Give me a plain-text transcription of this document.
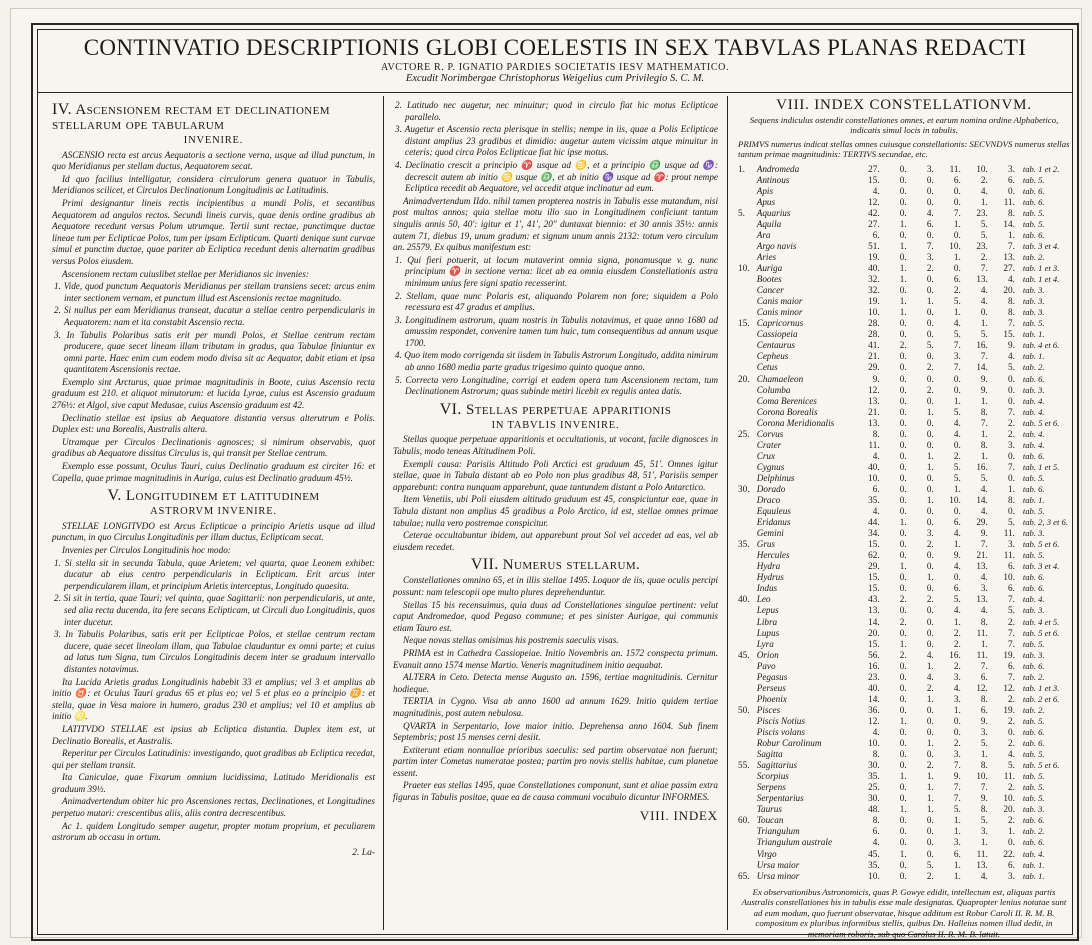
CONTINVATIO DESCRIPTIONIS GLOBI COELESTIS IN SEX TABVLAS PLANAS REDACTI
AVCTORE R. P. IGNATIO PARDIES SOCIETATIS IESV MATHEMATICO.
Excudit Norimbergae Christophorus Weigelius cum Privilegio S. C. M.
IV. Ascensionem rectam et declinationem stellarum ope tabularum
INVENIRE.

ASCENSIO recta est arcus Aequatoris a sectione verna, usque ad illud punctum, in quo Meridianus per stellam ductus, Aequatorem secat.

Id quo facilius intelligatur, considera circulorum genera quatuor in Tabulis, Meridianos scilicet, et Circulos Declinationum Longitudinis ac Latitudinis.

Primi designantur lineis rectis incipientibus a mundi Polis, et secantibus Aequatorem ad angulos rectos. Secundi lineis curvis, quae denis ordine gradibus ab Aequatore recedunt versus Polum utrumque. Tertii sunt rectae, punctimque ductae lineae tum per Eclipticae Polos, tum per ipsam Eclipticam. Quarti denique sunt curvae simul et punctim ductae, quae pariter ab Ecliptica recedunt denis alternatim gradibus versus Polos eiusdem.

Ascensionem rectam cuiuslibet stellae per Meridianos sic invenies:

1. Vide, quod punctum Aequatoris Meridianus per stellam transiens secet: arcus enim inter sectionem vernam, et punctum illud est Ascensionis rectae magnitudo.

2. Si nullus per eam Meridianus transeat, ducatur a stellae centro perpendicularis in Aequatorem: nam et ita constabit Ascensio recta.

3. In Tabulis Polaribus satis erit per mundi Polos, et Stellae centrum rectam producere, quae secet lineam illam tributam in gradus, qua Tabulae finiuntur ex omni parte. Haec enim cum eodem modo divisa sit ac Aequator, dabit etiam et ipsa quantitatem Ascensionis rectae.

Exemplo sint Arcturus, quae primae magnitudinis in Boote, cuius Ascensio recta graduum est 210. et aliquot minutorum: et lucida Lyrae, cuius est Ascensio graduum 276½: et Algol, sive caput Medusae, cuius Ascensio graduum est 42.

Declinatio stellae est ipsius ab Aequatore distantia versus alterutrum e Polis. Duplex est: una Borealis, Australis altera.

Utramque per Circulos Declinationis agnosces; si nimirum observabis, quot gradibus ab Aequatore dissitus Circulus is, qui transit per Stellae centrum.

Exemplo esse possunt, Oculus Tauri, cuius Declinatio graduum est circiter 16: et Capella, quae primae magnitudinis in Auriga, cuius est Declinatio graduum 45½.

V. Longitudinem et latitudinem
ASTRORVM INVENIRE.

STELLAE LONGITVDO est Arcus Eclipticae a principio Arietis usque ad illud punctum, in quo Circulus Longitudinis per illam ductus, Eclipticam secat.

Invenies per Circulos Longitudinis hoc modo:

1. Si stella sit in secunda Tabula, quae Arietem; vel quarta, quae Leonem exhibet: ducatur ab eius centro perpendicularis in Eclipticam. Erit arcus inter perpendicularem illam, et principium Arietis interceptus, Longitudo quaesita.

2. Si sit in tertia, quae Tauri; vel quinta, quae Sagittarii: non perpendicularis, ut ante, sed alia recta ducenda, ita fere secans Eclipticam, ut Circuli duo Longitudinis, quos inter ducetur.

3. In Tabulis Polaribus, satis erit per Eclipticae Polos, et stellae centrum rectam ducere, quae secet lineolam illam, qua Tabulae clauduntur ex omni parte; et cuius ad latus tum Signa, tum Circulos Longitudinis decem inter se graduum intervallo distantes notavimus.

Ita Lucida Arietis gradus Longitudinis habebit 33 et amplius; vel 3 et amplius ab initio ♉: et Oculus Tauri gradus 65 et plus eo; vel 5 et plus eo a principio ♊: et stella, quae in Vesa maiore in humero, gradus 230 et amplius; vel 10 et amplius ab initio ♌.

LATITVDO STELLAE est ipsius ab Ecliptica distantia. Duplex item est, ut Declinatio Borealis, et Australis.

Reperitur per Circulos Latitudinis: investigando, quot gradibus ab Ecliptica recedat, qui per stellam transit.

Ita Caniculae, quae Fixarum omnium lucidissima, Latitudo Meridionalis est graduum 39½.

Animadvertendum obiter hic pro Ascensiones rectas, Declinationes, et Longitudines perpetuo mutari: crescentibus aliis, aliis contra decrescentibus.

Ac 1. quidem Longitudo semper augetur, propter motum proprium, et peculiarem astrorum ab occasu in ortum.

2. La-

2. Latitudo nec augetur, nec minuitur; quod in circulo fiat hic motus Eclipticae parallelo.

3. Augetur et Ascensio recta plerisque in stellis; nempe in iis, quae a Polis Eclipticae distant amplius 23 gradibus et dimidio: augetur autem vicissim atque minuitur in ceteris; quod circa Polos Eclipticae fiat hic ipse motus.

4. Declinatio crescit a principio ♈ usque ad ♋, et a principio ♎ usque ad ♑: decrescit autem ab initio ♋ usque ♎, et ab initio ♑ usque ad ♈: prout nempe Ecliptica recedit ab Aequatore, vel accedit atque inclinatur ad eum.

Animadvertendum IIdo. nihil tamen propterea nostris in Tabulis esse mutandum, nisi post multos annos; quia stellae motu illo suo in Longitudinem conficiunt tantum singulis annis 50, 40': igitur et 1', 41', 20" duntaxat biennio: et 30 annis 35½: annis autem 71, diebus 19, unum gradum: et signum unum annis 2132: totum vero circulum an. 25579. Ex quibus manifestum est:

1. Qui fieri potuerit, ut locum mutaverint omnia signa, ponamusque v. g. nunc principium ♈ in sectione verna: licet ab ea omnia eiusdem Constellationis astra minimum unius fere signi spatio recesserint.

2. Stellam, quae nunc Polaris est, aliquando Polarem non fore; siquidem a Polo recessura est 47 gradus et amplius.

3. Longitudinem astrorum, quam nostris in Tabulis notavimus, et quae anno 1680 ad amussim respondet, convenire tamen tum huic, tum consequentibus ad annum usque 1700.

4. Quo item modo corrigenda sit iisdem in Tabulis Astrorum Longitudo, addita nimirum ab anno 1680 media parte gradus trigesimo quinto quoque anno.

5. Correcta vero Longitudine, corrigi et eadem opera tum Ascensionem rectam, tum Declinationem Astrorum; quas subinde metiri licebit ex regulis antea datis.

VI. Stellas perpetuae apparitionis
IN TABVLIS INVENIRE.

Stellas quoque perpetuae apparitionis et occultationis, ut vocant, facile dignosces in Tabulis, modo teneas Altitudinem Poli.

Exempli causa: Parisiis Altitudo Poli Arctici est graduum 45, 51'. Omnes igitur stellae, quae in Tabula distant ab eo Polo non plus gradibus 48, 51', Parisiis semper apparebunt: contra nunquam apparebunt, quae tantundem distant a Polo Antarctico.

Item Venetiis, ubi Poli eiusdem altitudo graduum est 45, conspiciuntur eae, quae in Tabula distant non amplius 45 gradibus a Polo Arctico, id est, stellae omnes primae tabulae; nulla vero postremae conspicitur.

Ceterae occultabuntur ibidem, aut apparebunt prout Sol vel accedet ad eas, vel ab eiusdem recedet.

VII. Numerus stellarum.

Constellationes omnino 65, et in illis stellae 1495. Loquor de iis, quae oculis percipi possunt: nam telescopii ope multo plures deprehenduntur.

Stellas 15 bis recensuimus, quia duas ad Constellationes singulae pertinent: velut caput Andromedae, quod Pegaso commune; et pes sinister Aurigae, qui communis etiam Tauro est.

Neque novas stellas omisimus his postremis saeculis visas.

PRIMA est in Cathedra Cassiopeiae. Initio Novembris an. 1572 conspecta primum. Evanuit anno 1574 mense Martio. Veneris magnitudinem initio aequabat.

ALTERA in Ceto. Detecta mense Augusto an. 1596, tertiae magnitudinis. Cernitur hodieque.

TERTIA in Cygno. Visa ab anno 1600 ad annum 1629. Initio quidem tertiae magnitudinis, post autem nebulosa.

QVARTA in Serpentario, Iove maior initio. Deprehensa anno 1604. Sub finem Septembris; post 15 menses cerni desiit.

Extiterunt etiam nonnullae prioribus saeculis: sed partim observatae non fuerunt; partim inter Cometas numeratae postea; partim pro novis stellis habitae, cum planetae essent.

Praeter eas stellas 1495, quae Constellationes componunt, sunt et aliae passim extra figuras in Tabulis positae, quae ea de causa communi vocabulo dicuntur INFORMES.

VIII. INDEX
VIII. INDEX CONSTELLATIONVM.
Sequens indiculus ostendit constellationes omnes, et earum nomina ordine Alphabetico, indicatis simul locis in tabulis.
PRIMVS numerus indicat stellas omnes cuiusque constellationis: SECVNDVS numerus stellas tantum primae magnitudinis: TERTIVS secundae, etc.
1.	Andromeda	27.	0.	3.	11.	10.	3.	tab. 1 et 2.
	Antinous	15.	0.	0.	6.	2.	6.	tab. 5.
	Apis	4.	0.	0.	0.	4.	0.	tab. 6.
	Apus	12.	0.	0.	0.	1.	11.	tab. 6.
5.	Aquarius	42.	0.	4.	7.	23.	8.	tab. 5.
	Aquila	27.	1.	6.	1.	5.	14.	tab. 5.
	Ara	6.	0.	0.	0.	5.	1.	tab. 6.
	Argo navis	51.	1.	7.	10.	23.	7.	tab. 3 et 4.
	Aries	19.	0.	3.	1.	2.	13.	tab. 2.
10.	Auriga	40.	1.	2.	0.	7.	27.	tab. 1 et 3.
	Bootes	32.	1.	0.	6.	13.	4.	tab. 1 et 4.
	Cancer	32.	0.	0.	2.	4.	20.	tab. 3.
	Canis maior	19.	1.	1.	5.	4.	8.	tab. 3.
	Canis minor	10.	1.	0.	1.	0.	8.	tab. 3.
15.	Capricornus	28.	0.	0.	4.	1.	7.	tab. 5.
	Cassiopeia	28.	0.	0.	5.	5.	15.	tab. 1.
	Centaurus	41.	2.	5.	7.	16.	9.	tab. 4 et 6.
	Cepheus	21.	0.	0.	3.	7.	4.	tab. 1.
	Cetus	29.	0.	2.	7.	14.	5.	tab. 2.
20.	Chamaeleon	9.	0.	0.	0.	9.	0.	tab. 6.
	Columba	12.	0.	2.	0.	9.	0.	tab. 3.
	Coma Berenices	13.	0.	0.	1.	1.	0.	tab. 4.
	Corona Borealis	21.	0.	1.	5.	8.	7.	tab. 4.
	Corona Meridionalis	13.	0.	0.	4.	7.	2.	tab. 5 et 6.
25.	Corvus	8.	0.	0.	4.	1.	2.	tab. 4.
	Crater	11.	0.	0.	0.	8.	3.	tab. 4.
	Crux	4.	0.	1.	2.	1.	0.	tab. 6.
	Cygnus	40.	0.	1.	5.	16.	7.	tab. 1 et 5.
	Delphinus	10.	0.	0.	5.	5.	0.	tab. 5.
30.	Dorado	6.	0.	0.	1.	4.	1.	tab. 6.
	Draco	35.	0.	1.	10.	14.	8.	tab. 1.
	Equuleus	4.	0.	0.	0.	4.	0.	tab. 5.
	Eridanus	44.	1.	0.	6.	29.	5.	tab. 2, 3 et 6.
	Gemini	34.	0.	3.	4.	9.	11.	tab. 3.
35.	Grus	15.	0.	2.	1.	7.	3.	tab. 5 et 6.
	Hercules	62.	0.	0.	9.	21.	11.	tab. 5.
	Hydra	29.	1.	0.	4.	13.	6.	tab. 3 et 4.
	Hydrus	15.	0.	1.	0.	4.	10.	tab. 6.
	Indus	15.	0.	0.	6.	3.	6.	tab. 6.
40.	Leo	43.	2.	2.	5.	13.	7.	tab. 4.
	Lepus	13.	0.	0.	4.	4.	5.	tab. 3.
	Libra	14.	2.	0.	1.	8.	2.	tab. 4 et 5.
	Lupus	20.	0.	0.	2.	11.	7.	tab. 5 et 6.
	Lyra	15.	1.	0.	2.	1.	7.	tab. 5.
45.	Orion	56.	2.	4.	16.	11.	19.	tab. 3.
	Pavo	16.	0.	1.	2.	7.	6.	tab. 6.
	Pegasus	23.	0.	4.	3.	6.	7.	tab. 2.
	Perseus	40.	0.	2.	4.	12.	12.	tab. 1 et 3.
	Phoenix	14.	0.	1.	3.	8.	2.	tab. 2 et 6.
50.	Pisces	36.	0.	0.	1.	6.	19.	tab. 2.
	Piscis Notius	12.	1.	0.	0.	9.	2.	tab. 5.
	Piscis volans	4.	0.	0.	0.	3.	0.	tab. 6.
	Robur Carolinum	10.	0.	1.	2.	5.	2.	tab. 6.
	Sagitta	8.	0.	0.	3.	1.	4.	tab. 5.
55.	Sagittarius	30.	0.	2.	7.	8.	5.	tab. 5 et 6.
	Scorpius	35.	1.	1.	9.	10.	11.	tab. 5.
	Serpens	25.	0.	1.	7.	7.	2.	tab. 5.
	Serpentarius	30.	0.	1.	7.	9.	10.	tab. 5.
	Taurus	48.	1.	1.	5.	8.	20.	tab. 3.
60.	Toucan	8.	0.	0.	1.	5.	2.	tab. 6.
	Triangulum	6.	0.	0.	1.	3.	1.	tab. 2.
	Triangulum australe	4.	0.	0.	3.	1.	0.	tab. 6.
	Virgo	45.	1.	0.	6.	11.	22.	tab. 4.
	Ursa maior	35.	0.	5.	1.	13.	6.	tab. 1.
65.	Ursa minor	10.	0.	2.	1.	4.	3.	tab. 1.
Ex observationibus Astronomicis, quas P. Gowye edidit, intellectum est, aliquas partis Australis constellationes his in tabulis esse male designatas. Quapropter lenius notatae sunt ad eum modum, quo fuerunt observatae, hisque additum est Robur Caroli II. R. M. B. compositum ex pluribus informibus stellis, quibus Dn. Halleius nomen illud dedit, in memoriam roboris, sub quo Carolus II. R. M. B. latuit.
